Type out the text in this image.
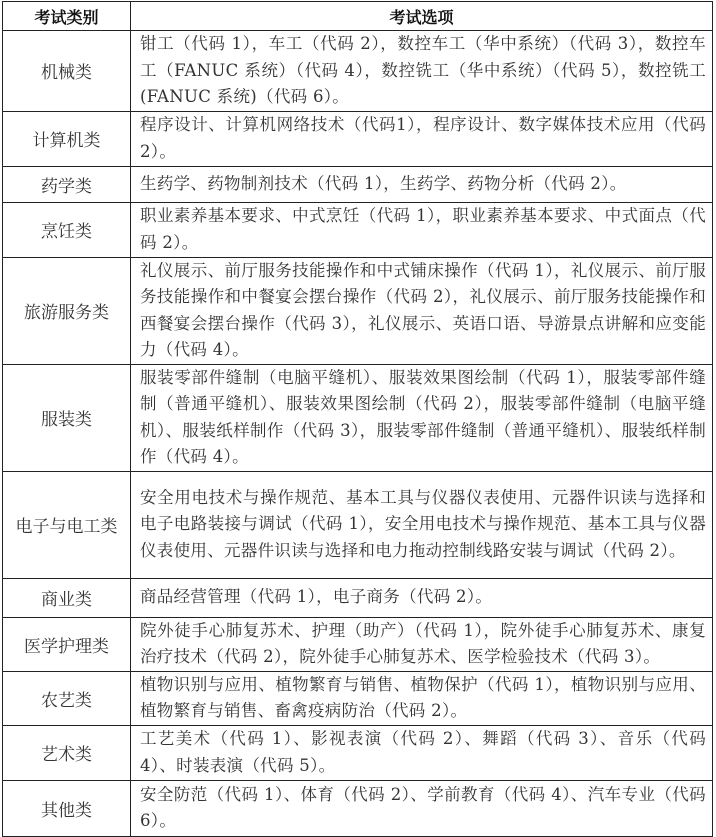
考试类别	考试选项
机械类	钳工（代码 1），车工（代码 2），数控车工（华中系统）（代码 3），数控车工（FANUC 系统）（代码 4），数控铣工（华中系统）（代码 5），数控铣工(FANUC 系统)（代码 6）。
计算机类	程序设计、计算机网络技术（代码1），程序设计、数字媒体技术应用（代码2）。
药学类	生药学、药物制剂技术（代码 1），生药学、药物分析（代码 2）。
烹饪类	职业素养基本要求、中式烹饪（代码 1），职业素养基本要求、中式面点（代码 2）。
旅游服务类	礼仪展示、前厅服务技能操作和中式铺床操作（代码 1），礼仪展示、前厅服务技能操作和中餐宴会摆台操作（代码 2），礼仪展示、前厅服务技能操作和西餐宴会摆台操作（代码 3），礼仪展示、英语口语、导游景点讲解和应变能力（代码 4）。
服装类	服装零部件缝制（电脑平缝机）、服装效果图绘制（代码 1），服装零部件缝制（普通平缝机）、服装效果图绘制（代码 2），服装零部件缝制（电脑平缝机）、服装纸样制作（代码 3），服装零部件缝制（普通平缝机）、服装纸样制作（代码 4）。
电子与电工类	安全用电技术与操作规范、基本工具与仪器仪表使用、元器件识读与选择和电子电路装接与调试（代码 1），安全用电技术与操作规范、基本工具与仪器仪表使用、元器件识读与选择和电力拖动控制线路安装与调试（代码 2）。
商业类	商品经营管理（代码 1），电子商务（代码 2）。
医学护理类	院外徒手心肺复苏术、护理（助产）（代码 1），院外徒手心肺复苏术、康复治疗技术（代码 2），院外徒手心肺复苏术、医学检验技术（代码 3）。
农艺类	植物识别与应用、植物繁育与销售、植物保护（代码 1），植物识别与应用、植物繁育与销售、畜禽疫病防治（代码 2）。
艺术类	工艺美术（代码 1）、影视表演（代码 2）、舞蹈（代码 3）、音乐（代码 4）、时装表演（代码 5）。
其他类	安全防范（代码 1）、体育（代码 2）、学前教育（代码 4）、汽车专业（代码 6）。
